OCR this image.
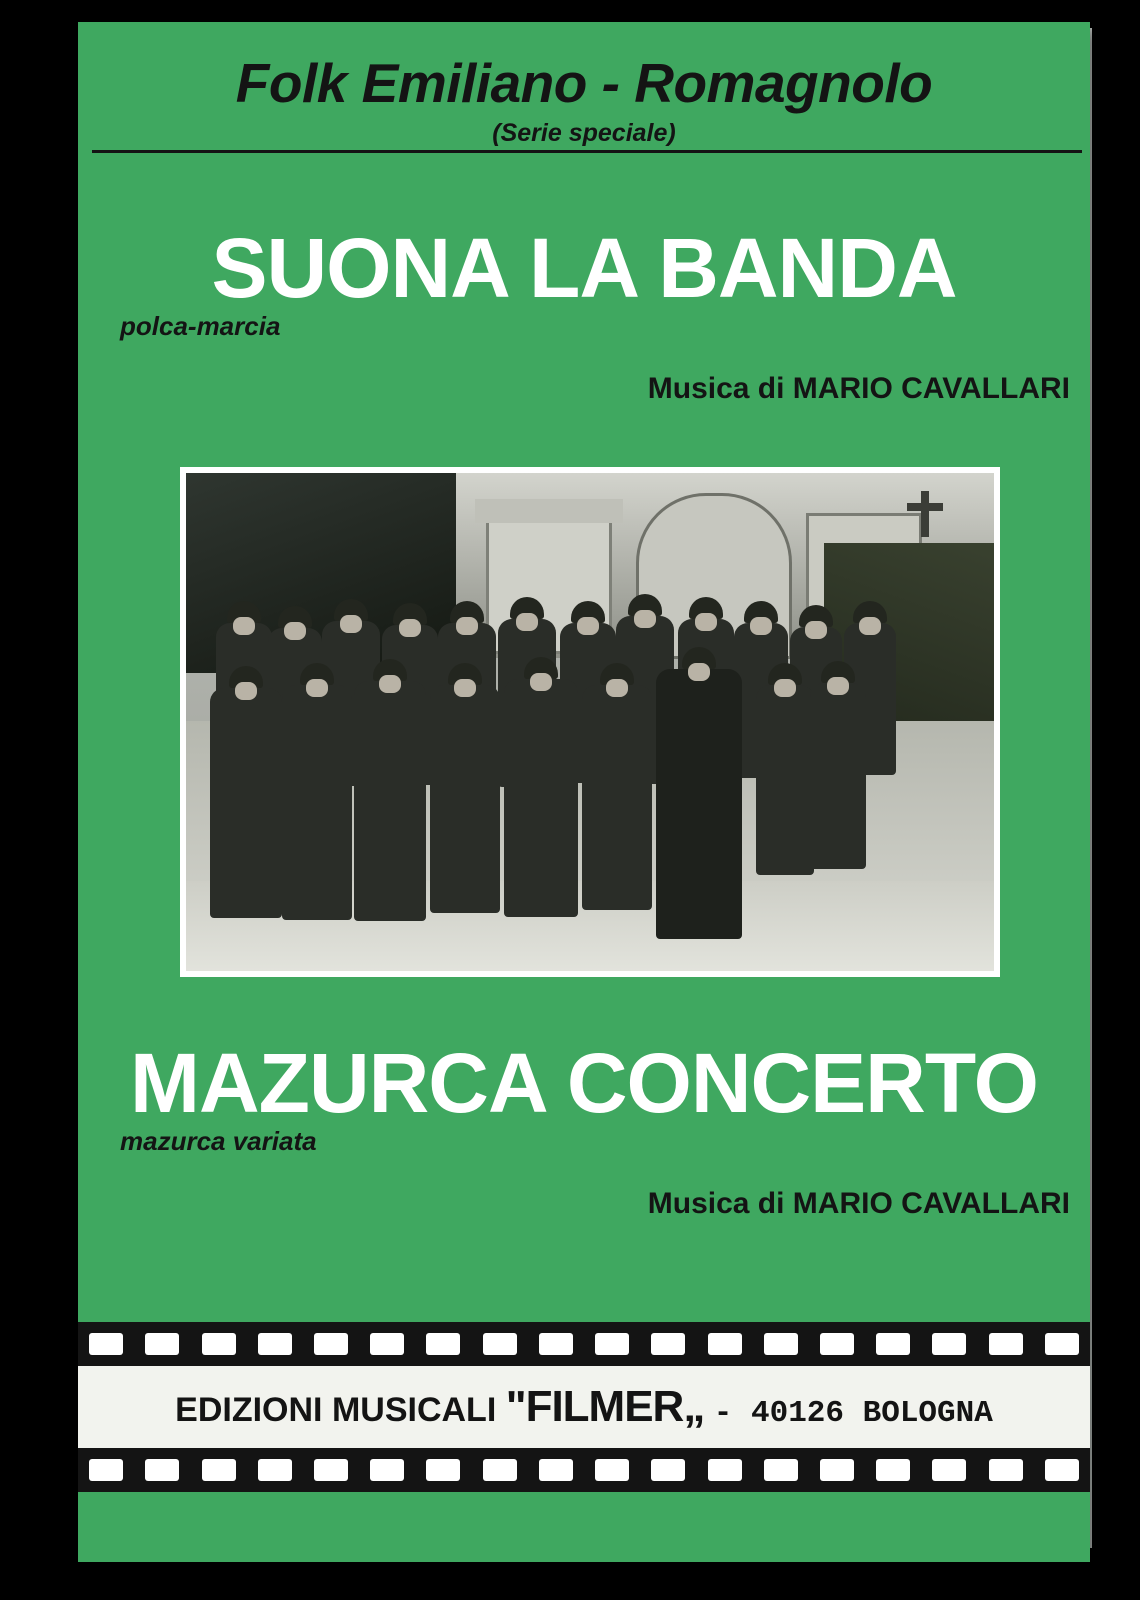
Folk Emiliano - Romagnolo
(Serie speciale)
SUONA LA BANDA
polca-marcia
Musica di MARIO CAVALLARI
MAZURCA CONCERTO
mazurca variata
Musica di MARIO CAVALLARI
EDIZIONI MUSICALI "FILMER„ - 40126 BOLOGNA
